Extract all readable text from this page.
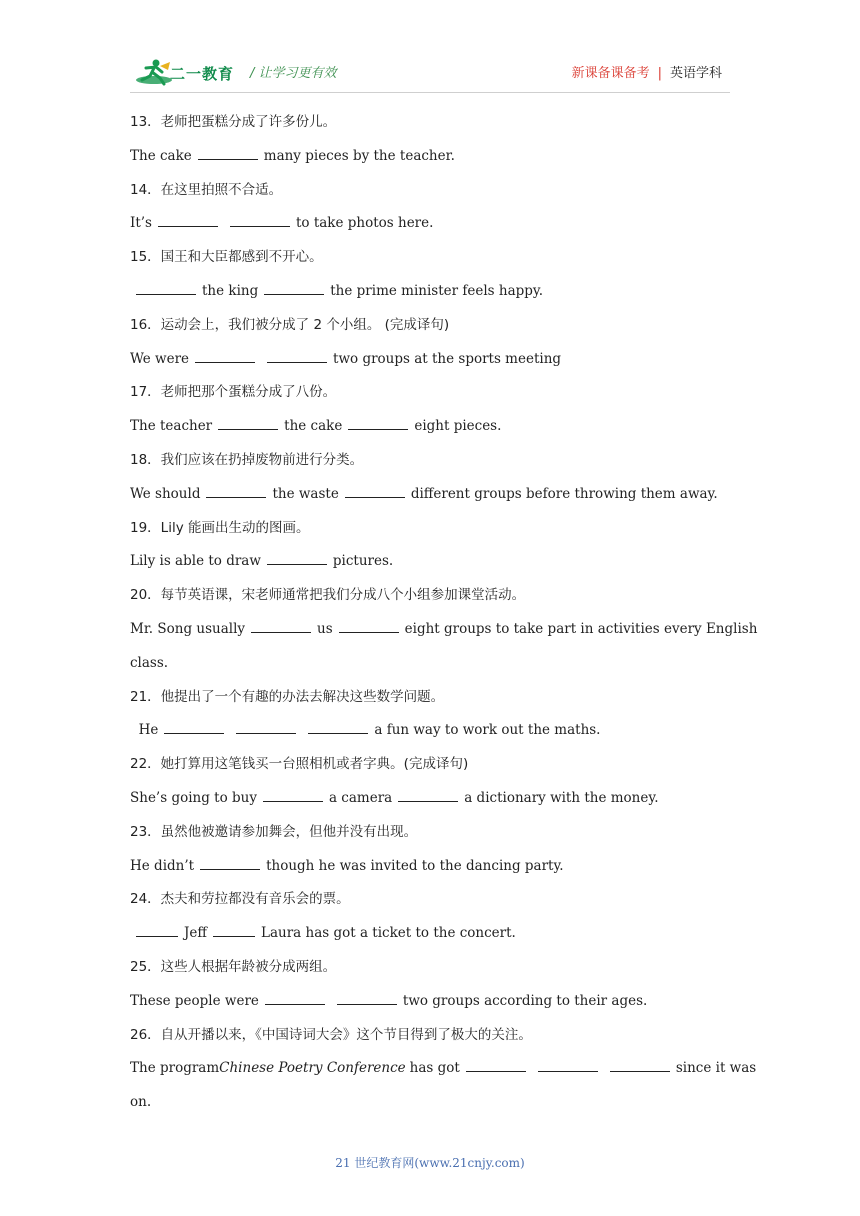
二一教育 / 让学习更有效	新课备课备考 | 英语学科
13．老师把蛋糕分成了许多份儿。
The cake	many pieces by the teacher.
14．在这里拍照不合适。
It’s	to take photos here.
15．国王和大臣都感到不开心。
the king	the prime minister feels happy.
16．运动会上，我们被分成了 2 个小组。 (完成译句)
We were	two groups at the sports meeting
17．老师把那个蛋糕分成了八份。
The teacher	the cake	eight pieces.
18．我们应该在扔掉废物前进行分类。
We should	the waste	different groups before throwing them away.
19．Lily 能画出生动的图画。
Lily is able to draw	pictures.
20．每节英语课，宋老师通常把我们分成八个小组参加课堂活动。
Mr. Song usually	us	eight groups to take part in activities every English
class.
21．他提出了一个有趣的办法去解决这些数学问题。
He	a fun way to work out the maths.
22．她打算用这笔钱买一台照相机或者字典。(完成译句)
She’s going to buy	a camera	a dictionary with the money.
23．虽然他被邀请参加舞会，但他并没有出现。
He didn’t	though he was invited to the dancing party.
24．杰夫和劳拉都没有音乐会的票。
Jeff	Laura has got a ticket to the concert.
25．这些人根据年龄被分成两组。
These people were	two groups according to their ages.
26．自从开播以来，《中国诗词大会》这个节目得到了极大的关注。
The programChinese Poetry Conference has got	since it was
on.
21 世纪教育网(www.21cnjy.com)
